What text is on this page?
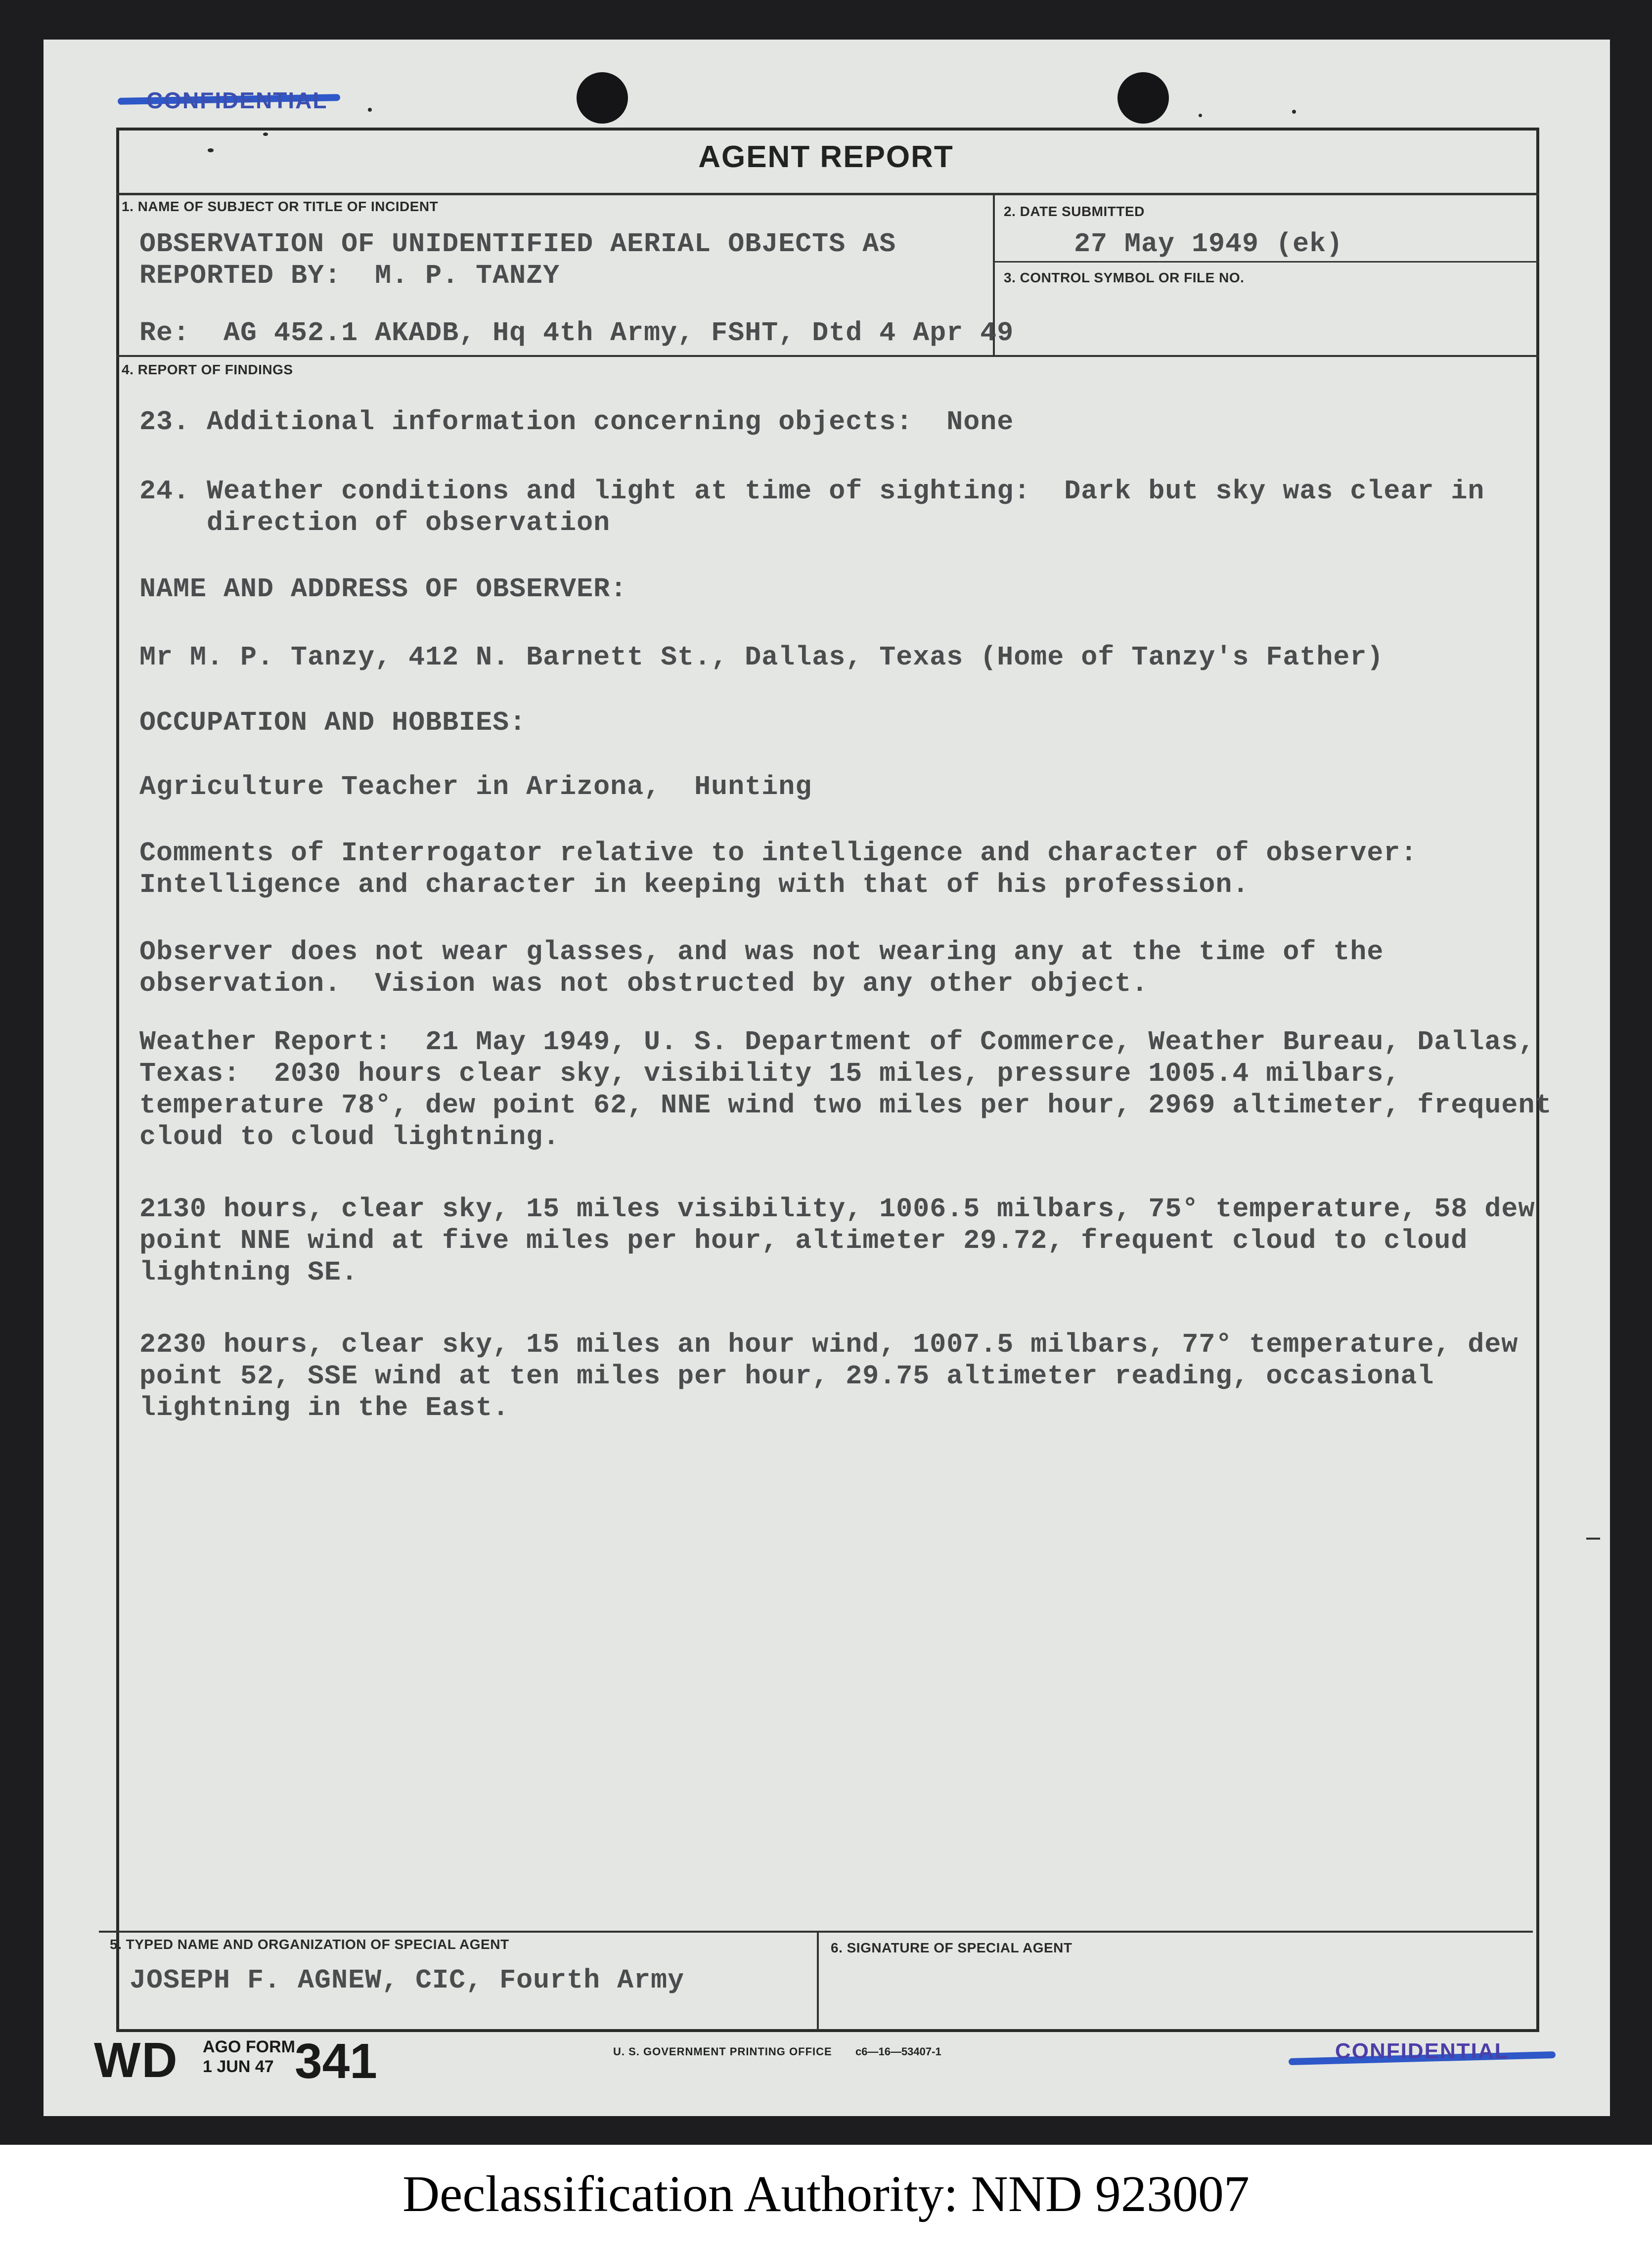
CONFIDENTIAL
AGENT REPORT
1. NAME OF SUBJECT OR TITLE OF INCIDENT
OBSERVATION OF UNIDENTIFIED AERIAL OBJECTS AS
REPORTED BY:  M. P. TANZY
Re:  AG 452.1 AKADB, Hq 4th Army, FSHT, Dtd 4 Apr 49
2. DATE SUBMITTED
27 May 1949 (ek)
3. CONTROL SYMBOL OR FILE NO.
4. REPORT OF FINDINGS
23. Additional information concerning objects:  None
24. Weather conditions and light at time of sighting:  Dark but sky was clear in
direction of observation
NAME AND ADDRESS OF OBSERVER:
Mr M. P. Tanzy, 412 N. Barnett St., Dallas, Texas (Home of Tanzy's Father)
OCCUPATION AND HOBBIES:
Agriculture Teacher in Arizona,  Hunting
Comments of Interrogator relative to intelligence and character of observer:
Intelligence and character in keeping with that of his profession.
Observer does not wear glasses, and was not wearing any at the time of the
observation.  Vision was not obstructed by any other object.
Weather Report:  21 May 1949, U. S. Department of Commerce, Weather Bureau, Dallas,
Texas:  2030 hours clear sky, visibility 15 miles, pressure 1005.4 milbars,
temperature 78°, dew point 62, NNE wind two miles per hour, 2969 altimeter, frequent
cloud to cloud lightning.
2130 hours, clear sky, 15 miles visibility, 1006.5 milbars, 75° temperature, 58 dew
point NNE wind at five miles per hour, altimeter 29.72, frequent cloud to cloud
lightning SE.
2230 hours, clear sky, 15 miles an hour wind, 1007.5 milbars, 77° temperature, dew
point 52, SSE wind at ten miles per hour, 29.75 altimeter reading, occasional
lightning in the East.
5. TYPED NAME AND ORGANIZATION OF SPECIAL AGENT
JOSEPH F. AGNEW, CIC, Fourth Army
6. SIGNATURE OF SPECIAL AGENT
WD AGO FORM
1 JUN 47 341	U. S. GOVERNMENT PRINTING OFFICE c6—16—53407-1	CONFIDENTIAL
Declassification Authority: NND 923007
